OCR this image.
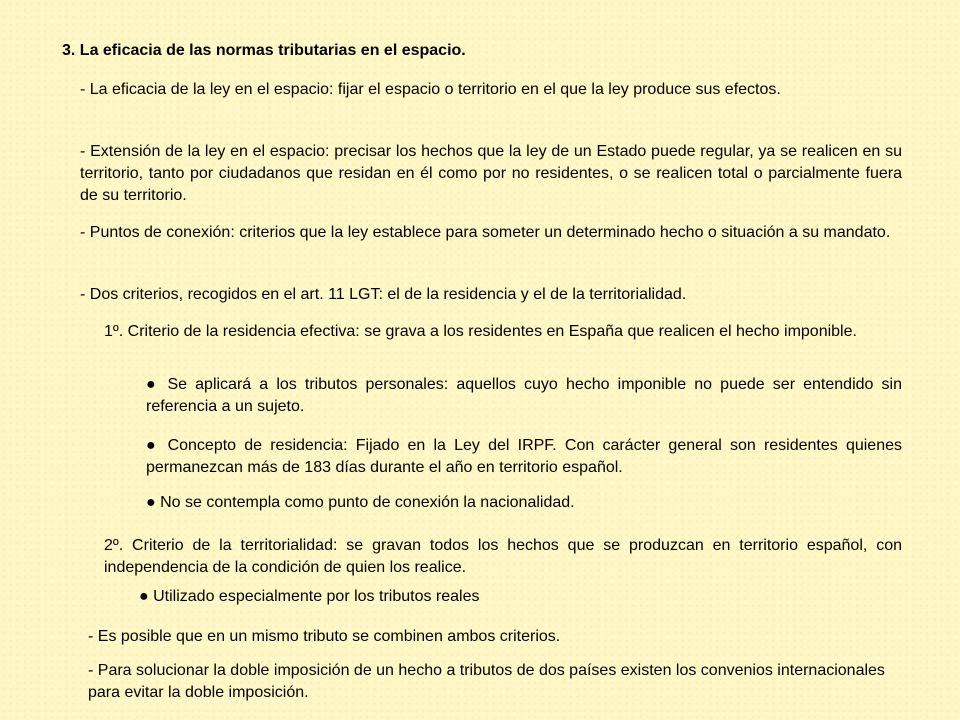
3. La eficacia de las normas tributarias en el espacio.
- La eficacia de la ley en el espacio: fijar el espacio o territorio en el que la ley produce sus efectos.
- Extensión de la ley en el espacio: precisar los hechos que la ley de un Estado puede regular, ya se realicen en su territorio, tanto por ciudadanos que residan en él como por no residentes, o se realicen total o parcialmente fuera de su territorio.
- Puntos de conexión: criterios que la ley establece para someter un determinado hecho o situación a su mandato.
- Dos criterios, recogidos en el art. 11 LGT: el de la residencia y el de la territorialidad.
1º. Criterio de la residencia efectiva: se grava a los residentes en España que realicen el hecho imponible.
● Se aplicará a los tributos personales: aquellos cuyo hecho imponible no puede ser entendido sin referencia a un sujeto.
● Concepto de residencia: Fijado en la Ley del IRPF. Con carácter general son residentes quienes permanezcan más de 183 días durante el año en territorio español.
● No se contempla como punto de conexión la nacionalidad.
2º. Criterio de la territorialidad: se gravan todos los hechos que se produzcan en territorio español, con independencia de la condición de quien los realice.
● Utilizado especialmente por los tributos reales
- Es posible que en un mismo tributo se combinen ambos criterios.
- Para solucionar la doble imposición de un hecho a tributos de dos países existen los convenios internacionales para evitar la doble imposición.
